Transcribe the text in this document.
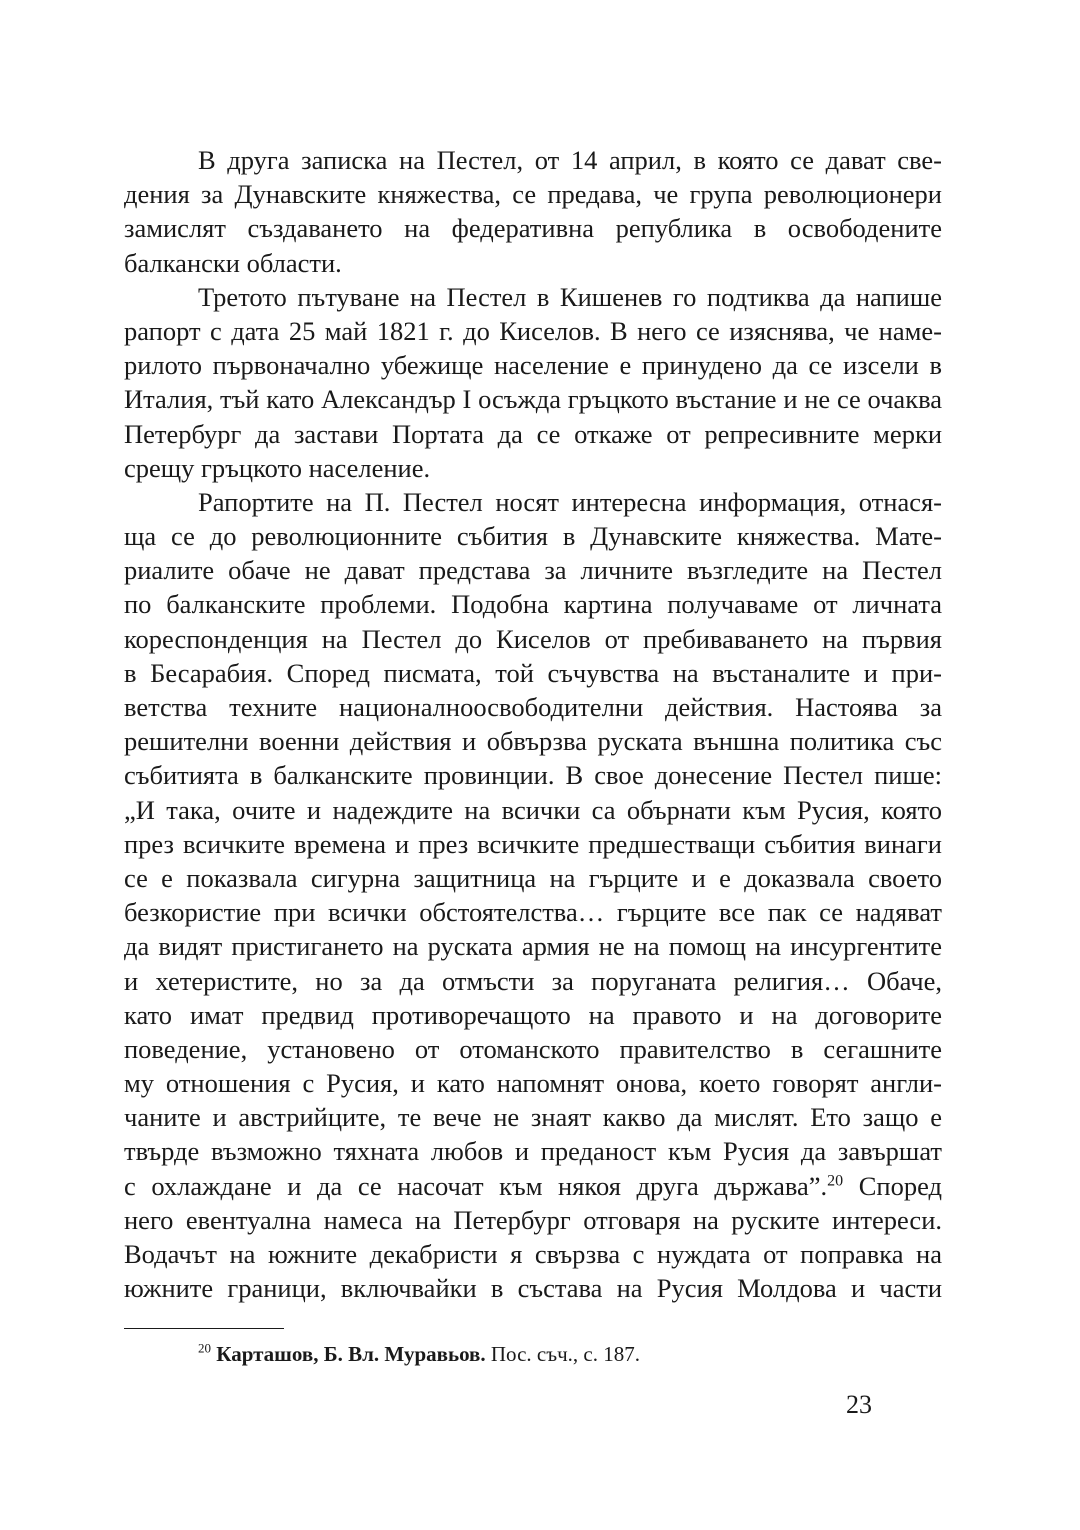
В друга записка на Пестел, от 14 април, в която се дават све-
дения за Дунавските княжества, се предава, че група революционери
замислят създаването на федеративна република в освободените
балкански области.
Третото пътуване на Пестел в Кишенев го подтиква да напише
рапорт с дата 25 май 1821 г. до Киселов. В него се изяснява, че наме-
рилото първоначално убежище население е принудено да се изсели в
Италия, тъй като Александър I осъжда гръцкото въстание и не се очаква
Петербург да застави Портата да се откаже от репресивните мерки
срещу гръцкото население.
Рапортите на П. Пестел носят интересна информация, отнася-
ща се до революционните събития в Дунавските княжества. Мате-
риалите обаче не дават представа за личните възгледите на Пестел
по балканските проблеми. Подобна картина получаваме от личната
кореспонденция на Пестел до Киселов от пребиваването на първия
в Бесарабия. Според писмата, той съчувства на въстаналите и при-
ветства техните националноосвободителни действия. Настоява за
решителни военни действия и обвързва руската външна политика със
събитията в балканските провинции. В свое донесение Пестел пише:
„И така, очите и надеждите на всички са обърнати към Русия, която
през всичките времена и през всичките предшестващи събития винаги
се е показвала сигурна защитница на гърците и е доказвала своето
безкористие при всички обстоятелства… гърците все пак се надяват
да видят пристигането на руската армия не на помощ на инсургентите
и хетеристите, но за да отмъсти за поруганата религия… Обаче,
като имат предвид противоречащото на правото и на договорите
поведение, установено от отоманското правителство в сегашните
му отношения с Русия, и като напомнят онова, което говорят англи-
чаните и австрийците, те вече не знаят какво да мислят. Ето защо е
твърде възможно тяхната любов и преданост към Русия да завършат
с охлаждане и да се насочат към някоя друга държава”.$^{20}$ Според
него евентуална намеса на Петербург отговаря на руските интереси.
Водачът на южните декабристи я свързва с нуждата от поправка на
южните граници, включвайки в състава на Русия Молдова и части
$^{20}$ Карташов, Б. Вл. Муравьов. Пос. съч., с. 187.
23
